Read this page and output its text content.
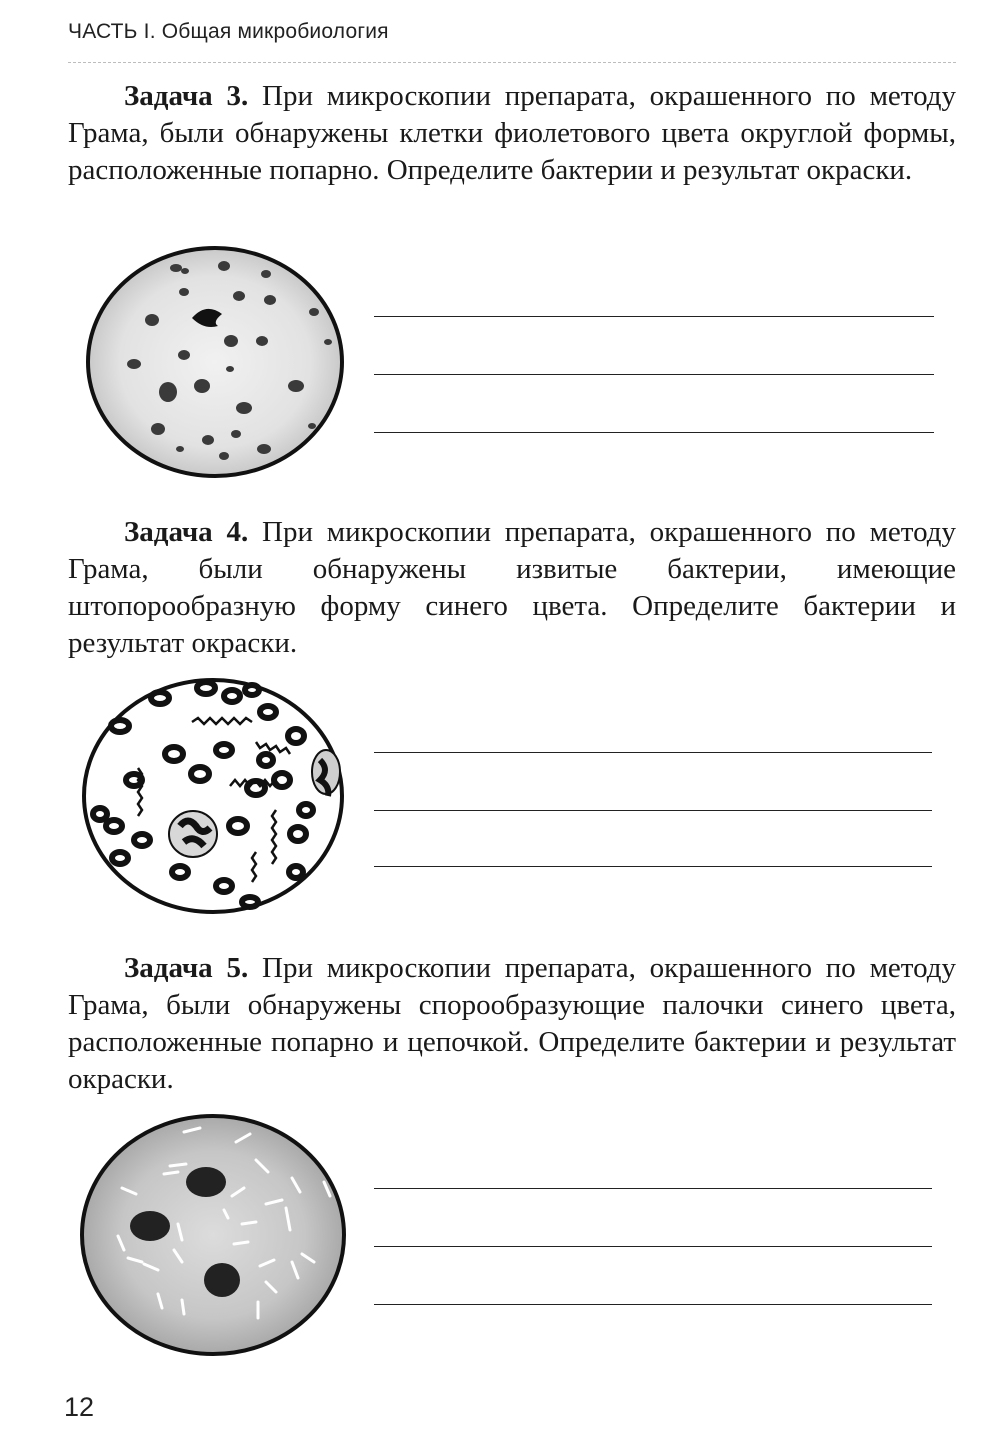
ЧАСТЬ I. Общая микробиология

Задача 3. При микроскопии препарата, окрашенного по методу Грама, были обнаружены клетки фиолетового цвета округлой формы, расположенные попарно. Определите бактерии и результат окраски.

Задача 4. При микроскопии препарата, окрашенного по методу Грама, были обнаружены извитые бактерии, имеющие штопорообразную форму синего цвета. Определите бактерии и результат окраски.

Задача 5. При микроскопии препарата, окрашенного по методу Грама, были обнаружены спорообразующие палочки синего цвета, расположенные попарно и цепочкой. Определите бактерии и результат окраски.

12
